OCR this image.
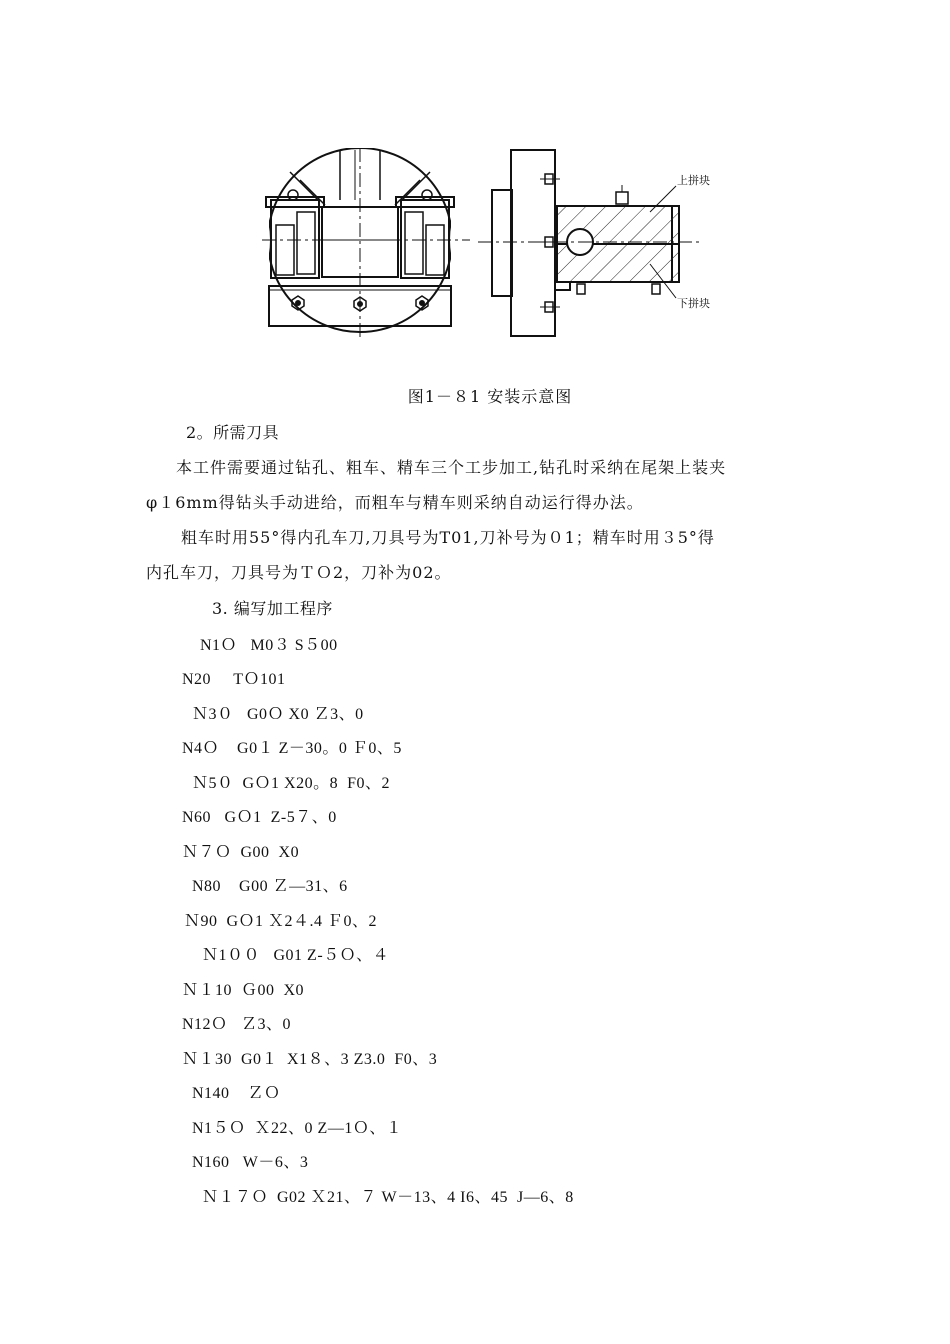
上拼块
下拼块
图1－８1 安装示意图
2。所需刀具
本工件需要通过钻孔、粗车、精车三个工步加工,钻孔时采纳在尾架上装夹
φ１6mm得钻头手动进给，而粗车与精车则采纳自动运行得办法。
粗车时用55°得内孔车刀,刀具号为T01,刀补号为０1；精车时用３5°得
内孔车刀，刀具号为ＴＯ2，刀补为02。
3. 编写加工程序
N1Ｏ   M0３ S５00
N20     TＯ101
Ｎ3０   G0Ｏ X0 Ｚ3、0
N4Ｏ    G0１ Z－30。0 Ｆ0、5
Ｎ5０  GＯ1 X20。8  F0、2
N60   GＯ1  Z-5７、0
Ｎ７Ｏ  G00  X0
N80    G00 Ｚ—31、6
Ｎ90  GＯ1 Ｘ2４.4 Ｆ0、2
Ｎ1００   G01 Z-５Ｏ、４
Ｎ１10  Ｇ00  X0
N12Ｏ   Ｚ3、0
Ｎ１30  G0１  X1８、3 Z3.0  F0、3
N140    ＺＯ
N1５Ｏ  Ｘ22、0 Z—1Ｏ、１
N160   W－6、3
Ｎ１７Ｏ  G02 Ｘ21、７ W－13、4 I6、45  J—6、8
